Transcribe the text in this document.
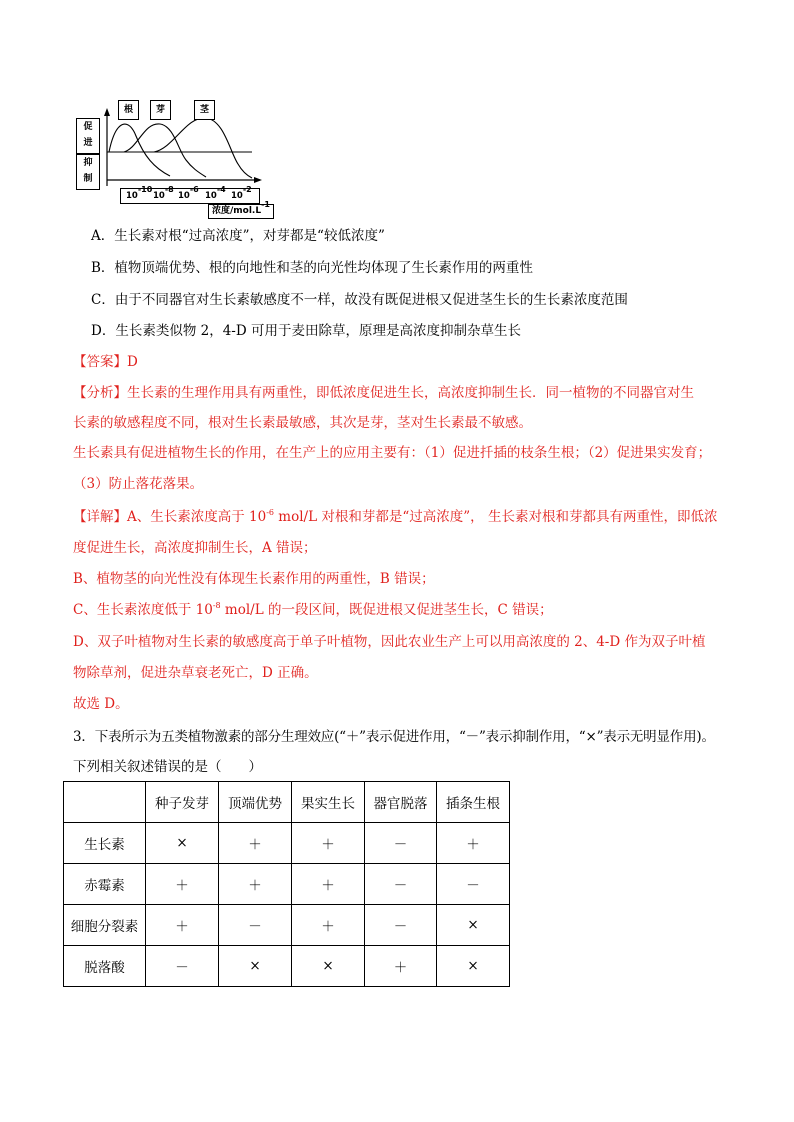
根	芽	茎
促
进
抑
制
$10^{-10}$
$10^{-8}$
$10^{-6}$
$10^{-4}$
$10^{-2}$
浓度$/mol.L^{-1}$
A．生长素对根“过高浓度”，对芽都是“较低浓度”
B．植物顶端优势、根的向地性和茎的向光性均体现了生长素作用的两重性
C．由于不同器官对生长素敏感度不一样，故没有既促进根又促进茎生长的生长素浓度范围
D．生长素类似物 2，4-D 可用于麦田除草，原理是高浓度抑制杂草生长
【答案】D
【分析】生长素的生理作用具有两重性，即低浓度促进生长，高浓度抑制生长．同一植物的不同器官对生
长素的敏感程度不同，根对生长素最敏感，其次是芽，茎对生长素最不敏感。
生长素具有促进植物生长的作用，在生产上的应用主要有：（1）促进扦插的枝条生根；（2）促进果实发育；
（3）防止落花落果。
【详解】A、生长素浓度高于 $10^{-6}$ mol/L 对根和芽都是“过高浓度”， 生长素对根和芽都具有两重性，即低浓
度促进生长，高浓度抑制生长，A 错误；
B、植物茎的向光性没有体现生长素作用的两重性，B 错误；
C、生长素浓度低于 $10^{-8}$ mol/L 的一段区间，既促进根又促进茎生长，C 错误；
D、双子叶植物对生长素的敏感度高于单子叶植物，因此农业生产上可以用高浓度的 2、4-D 作为双子叶植
物除草剂，促进杂草衰老死亡，D 正确。
故选 D。
3．下表所示为五类植物激素的部分生理效应(“＋”表示促进作用，“－”表示抑制作用，“×”表示无明显作用)。
下列相关叙述错误的是（　　）
	种子发芽	顶端优势	果实生长	器官脱落	插条生根
生长素	×	＋	＋	－	＋
赤霉素	＋	＋	＋	－	－
细胞分裂素	＋	－	＋	－	×
脱落酸	－	×	×	＋	×
